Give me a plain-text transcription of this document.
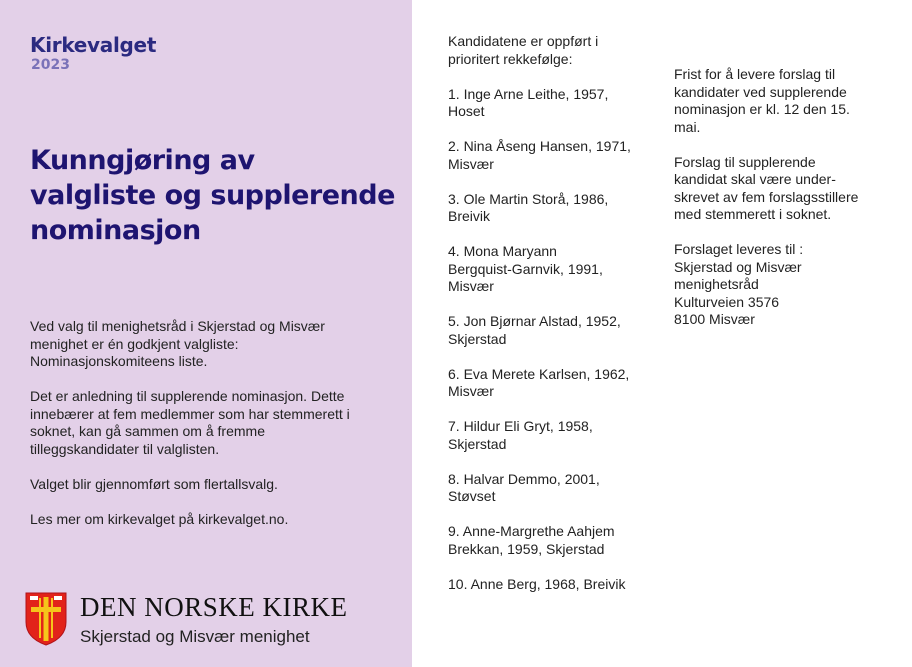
Kirkevalget
2023
Kunngjøring av
valgliste og supplerende
nominasjon
Ved valg til menighetsråd i Skjerstad og Misvær
menighet er én godkjent valgliste:
Nominasjonskomiteens liste.
Det er anledning til supplerende nominasjon. Dette
innebærer at fem medlemmer som har stemmerett i
soknet, kan gå sammen om å fremme
tilleggskandidater til valglisten.
Valget blir gjennomført som flertallsvalg.
Les mer om kirkevalget på kirkevalget.no.
DEN NORSKE KIRKE
Skjerstad og Misvær menighet
Kandidatene er oppført i
prioritert rekkefølge:
1. Inge Arne Leithe, 1957,
Hoset
2. Nina Åseng Hansen, 1971,
Misvær
3. Ole Martin Storå, 1986,
Breivik
4. Mona Maryann
Bergquist-Garnvik, 1991,
Misvær
5. Jon Bjørnar Alstad, 1952,
Skjerstad
6. Eva Merete Karlsen, 1962,
Misvær
7. Hildur Eli Gryt, 1958,
Skjerstad
8. Halvar Demmo, 2001,
Støvset
9. Anne-Margrethe Aahjem
Brekkan, 1959, Skjerstad
10. Anne Berg, 1968, Breivik
Frist for å levere forslag til
kandidater ved supplerende
nominasjon er kl. 12 den 15.
mai.
Forslag til supplerende
kandidat skal være under-
skrevet av fem forslagsstillere
med stemmerett i soknet.
Forslaget leveres til :
Skjerstad og Misvær
menighetsråd
Kulturveien 3576
8100 Misvær
